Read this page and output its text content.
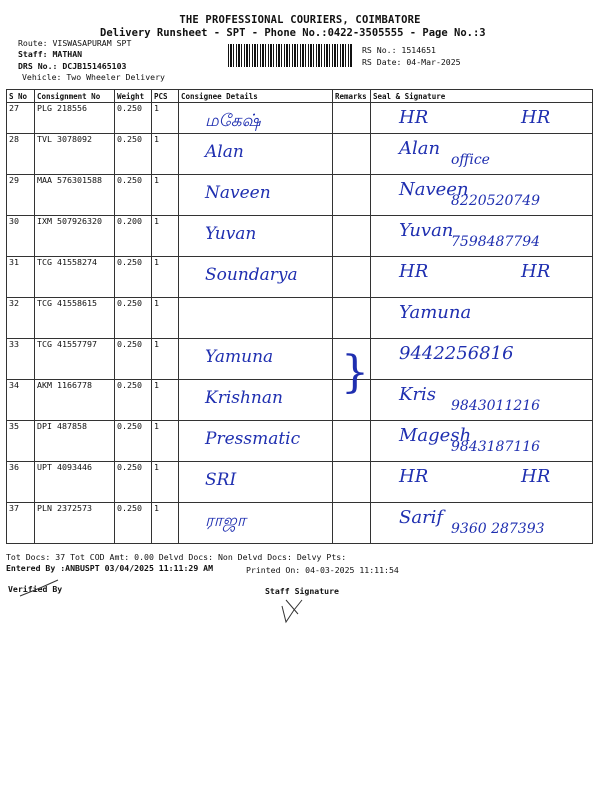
THE PROFESSIONAL COURIERS, COIMBATORE
Delivery Runsheet - SPT - Phone No.:0422-3505555 - Page No.:3
Route: VISWASAPURAM SPT
Staff: MATHAN
DRS No.: DCJB151465103
Vehicle: Two Wheeler Delivery
RS No.: 1514651
RS Date: 04-Mar-2025
S No	Consignment No	Weight	PCS	Consignee Details	Remarks	Seal & Signature
27	PLG 218556	0.250	1	மகேஷ்		HR HR

28	TVL 3078092	0.250	1	Alan		Alan
office

29	MAA 576301588	0.250	1	Naveen		Naveen
8220520749

30	IXM 507926320	0.200	1	Yuvan		Yuvan
7598487794

31	TCG 41558274	0.250	1	Soundarya		HR HR

32	TCG 41558615	0.250	1			Yamuna

33	TCG 41557797	0.250	1	Yamuna	}	9442256816

34	AKM 1166778	0.250	1	Krishnan		Kris
9843011216

35	DPI 487858	0.250	1	Pressmatic		Magesh
9843187116

36	UPT 4093446	0.250	1	SRI		HR HR

37	PLN 2372573	0.250	1	ராஜா		Sarif
9360 287393
Tot Docs: 37 Tot COD Amt: 0.00 Delvd Docs: Non Delvd Docs: Delvy Pts:
Entered By :ANBUSPT 03/04/2025 11:11:29 AM	Printed On: 04-03-2025 11:11:54
Verified By	Staff Signature
